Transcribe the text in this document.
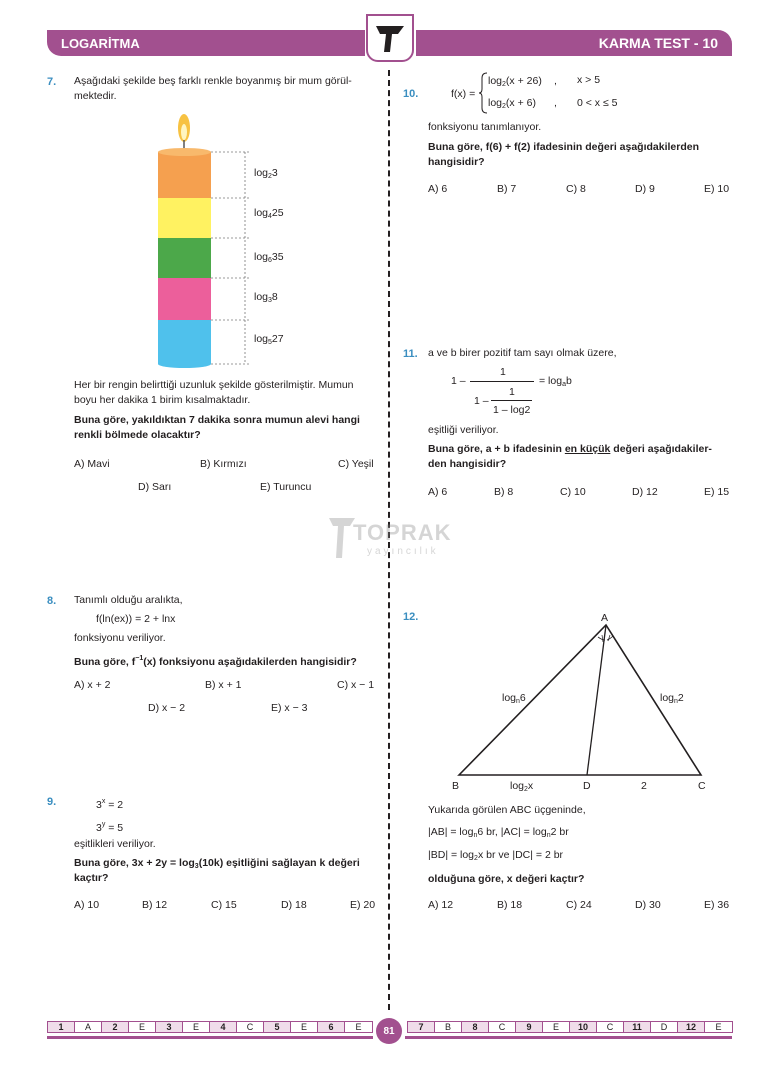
LOGARİTMA	KARMA TEST - 10
TOPRAK
yayıncılık
7. Aşağıdaki şekilde beş farklı renkle boyanmış bir mum görül-
mektedir.
$\log_23$
$\log_425$
$\log_635$
$\log_38$
$\log_527$
Her bir rengin belirttiği uzunluk şekilde gösterilmiştir. Mumun
boyu her dakika 1 birim kısalmaktadır.
Buna göre, yakıldıktan 7 dakika sonra mumun alevi hangi
renkli bölmede olacaktır?
A) Mavi	B) Kırmızı	C) Yeşil
D) Sarı	E) Turuncu
8. Tanımlı olduğu aralıkta,
f(ln(ex)) = 2 + lnx
fonksiyonu veriliyor.
Buna göre, $f^{-1}(x)$ fonksiyonu aşağıdakilerden hangisidir?
A) x + 2	B) x + 1	C) x − 1
D) x − 2	E) x − 3
9.	$3^x = 2$
$3^y = 5$
eşitlikleri veriliyor.
Buna göre, $3x + 2y = \log_3(10k)$ eşitliğini sağlayan k değeri
kaçtır?
A) 10	B) 12	C) 15	D) 18	E) 20
10.	f(x) =
$\log_2(x + 26)$ , x > 5
$\log_2(x + 6)$ , 0 < x ≤ 5
fonksiyonu tanımlanıyor.
Buna göre, f(6) + f(2) ifadesinin değeri aşağıdakilerden
hangisidir?
A) 6	B) 7	C) 8	D) 9	E) 10
11. a ve b birer pozitif tam sayı olmak üzere,
1 –
1
1 –
1
1 – log2
= $\log_ab$
eşitliği veriliyor.
Buna göre, a + b ifadesinin en küçük değeri aşağıdakiler-
den hangisidir?
A) 6	B) 8	C) 10	D) 12	E) 15
12.	A
B	C
D
$\log_n6$	$\log_n2$
$\log_2x$	2
Yukarıda görülen ABC üçgeninde,
$|AB| = \log_n6$ br, $|AC| = \log_n2$ br
$|BD| = \log_2x$ br ve |DC| = 2 br
olduğuna göre, x değeri kaçtır?
A) 12	B) 18	C) 24	D) 30	E) 36
1	A	2	E	3	E	4	C	5	E	6	E	7	B	8	C	9	E	10	C	11	D	12	E
81
